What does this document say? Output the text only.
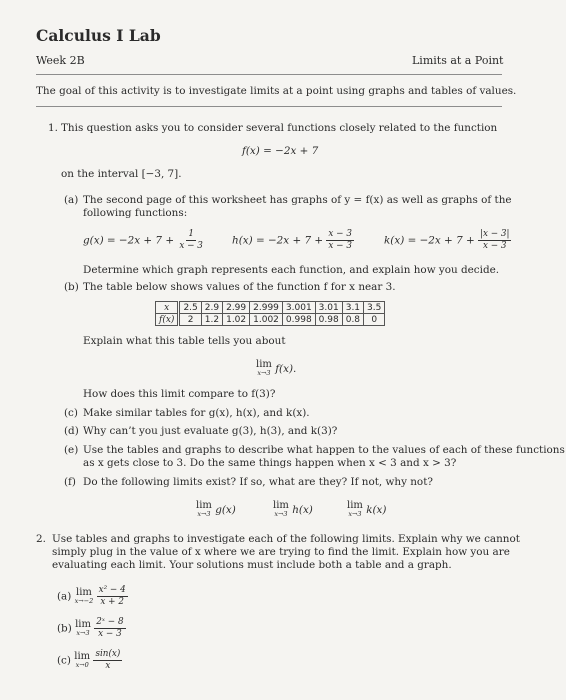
Calculus I Lab
Week 2B	Limits at a Point
The goal of this activity is to investigate limits at a point using graphs and tables of values.
1. This question asks you to consider several functions closely related to the function
f(x) = −2x + 7
on the interval [−3, 7].
(a) The second page of this worksheet has graphs of y = f(x) as well as graphs of the
following functions:
$g(x) = -2x + 7 + \frac{1}{x - 3}$	$h(x) = -2x + 7 + \frac{x - 3}{x - 3}$	$k(x) = -2x + 7 + \frac{|x - 3|}{x - 3}$
Determine which graph represents each function, and explain how you decide.
(b) The table below shows values of the function f for x near 3.
x	2.5	2.9	2.99	2.999	3.001	3.01	3.1	3.5
f(x)	2	1.2	1.02	1.002	0.998	0.98	0.8	0
Explain what this table tells you about
lim
x→3 f(x).
How does this limit compare to f(3)?
(c) Make similar tables for g(x), h(x), and k(x).
(d) Why can’t you just evaluate g(3), h(3), and k(3)?
(e) Use the tables and graphs to describe what happen to the values of each of these functions
as x gets close to 3. Do the same things happen when x < 3 and x > 3?
(f) Do the following limits exist? If so, what are they? If not, why not?
lim
x→3 g(x)	lim
x→3 h(x)	lim
x→3 k(x)
2. Use tables and graphs to investigate each of the following limits. Explain why we cannot
simply plug in the value of x where we are trying to find the limit. Explain how you are
evaluating each limit. Your solutions must include both a table and a graph.
(a) lim
x→−2
$\frac{\text{x² − 4}}{x + 2}$
(b) lim
x→3
$\frac{\text{2ˣ − 8}}{x - 3}$
(c) lim
x→0
$\frac{\sin(x)}{x}$
